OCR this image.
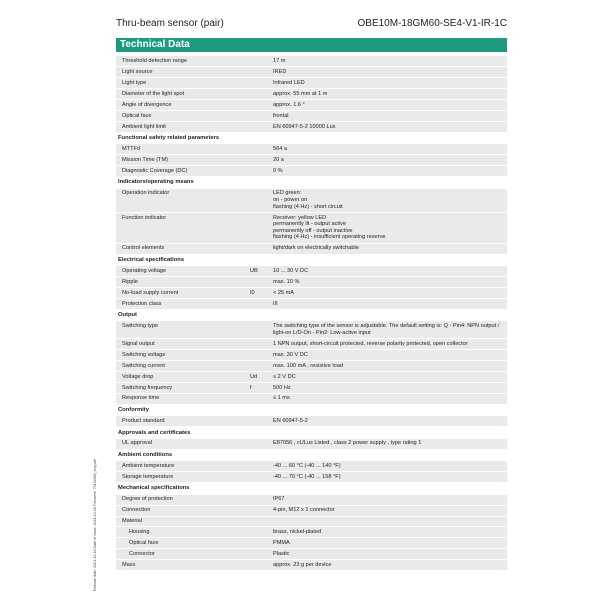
Thru-beam sensor (pair)	OBE10M-18GM60-SE4-V1-IR-1C
Technical Data
Threshold detection range	17 m
Light source	IRED
Light type	Infrared LED
Diameter of the light spot	approx. 55 mm at 1 m
Angle of divergence	approx. 1.6 °
Optical face	frontal
Ambient light limit	EN 60947-5-2 10000 Lux
Functional safety related parameters
MTTFd	564 a
Mission Time (TM)	20 a
Diagnostic Coverage (DC)	0 %
Indicators/operating means
Operation indicator	LED green:
on - power on
flashing (4 Hz) - short circuit
Function indicator	Receiver: yellow LED
permanently lit - output active
permanently off - output inactive
flashing (4 Hz) - insufficient operating reserve
Control elements	light/dark on electrically switchable
Electrical specifications
Operating voltage	UB	10 ... 30 V DC
Ripple	max. 10 %
No-load supply current	I0	< 25 mA
Protection class	III
Output
Switching type	The switching type of the sensor is adjustable. The default setting is: Q - Pin4: NPN output / light-on L/D-On - Pin2: Low-active input
Signal output	1 NPN output, short-circuit protected, reverse polarity protected, open collector
Switching voltage	max. 30 V DC
Switching current	max. 100 mA , resistive load
Voltage drop	Ud	≤ 2 V DC
Switching frequency	f	500 Hz
Response time	≤ 1 ms
Conformity
Product standard	EN 60947-5-2
Approvals and certificates
UL approval	E87056 , cULus Listed , class 2 power supply , type rating 1
Ambient conditions
Ambient temperature	-40 ... 60 °C (-40 ... 140 °F)
Storage temperature	-40 ... 70 °C (-40 ... 158 °F)
Mechanical specifications
Degree of protection	IP67
Connection	4-pin, M12 x 1 connector
Material

Housing	brass, nickel-plated
Optical face	PMMA
Connector	Plastic
Mass	approx. 23 g per device
Release date: 2021-12-16 Date of issue: 2021-12-16 Filename: 70134560_eng.pdf
